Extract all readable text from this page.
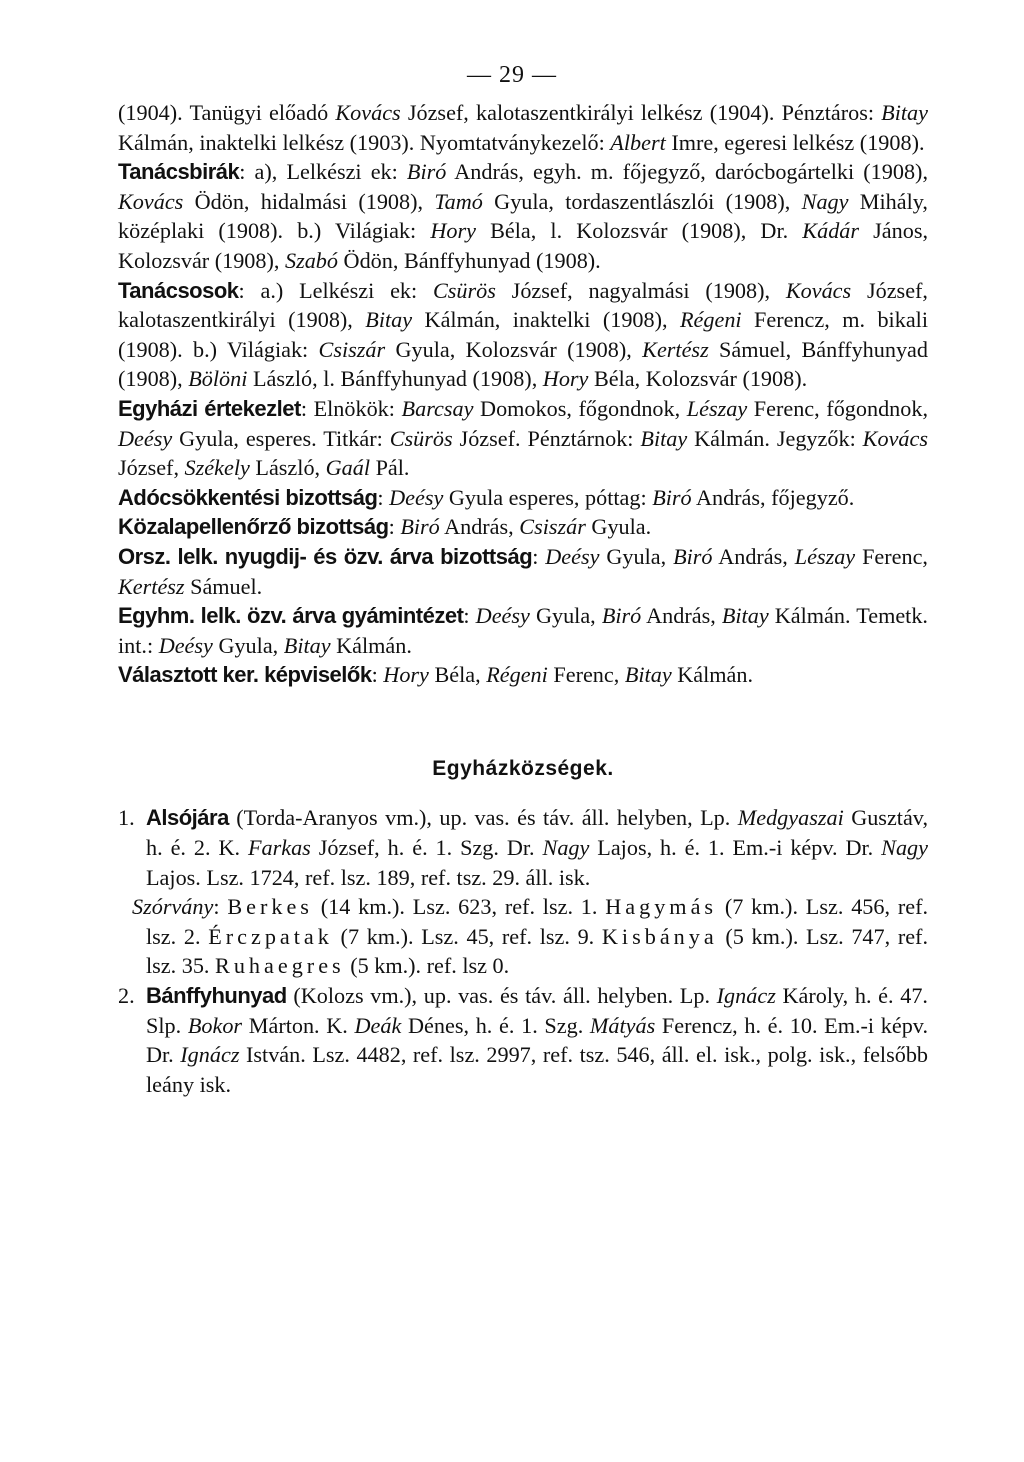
— 29 —

(1904). Tanügyi előadó Kovács József, kalotaszentkirályi lelkész (1904). Pénztáros: Bitay Kálmán, inaktelki lelkész (1903). Nyomtatványkezelő: Albert Imre, egeresi lelkész (1908).

Tanácsbirák: a), Lelkészi ek: Biró András, egyh. m. főjegyző, darócbogártelki (1908), Kovács Ödön, hidalmási (1908), Tamó Gyula, tordaszentlászlói (1908), Nagy Mihály, középlaki (1908). b.) Világiak: Hory Béla, l. Kolozsvár (1908), Dr. Kádár János, Kolozsvár (1908), Szabó Ödön, Bánffyhunyad (1908).

Tanácsosok: a.) Lelkészi ek: Csürös József, nagyalmási (1908), Kovács József, kalotaszentkirályi (1908), Bitay Kálmán, inaktelki (1908), Régeni Ferencz, m. bikali (1908). b.) Világiak: Csiszár Gyula, Kolozsvár (1908), Kertész Sámuel, Bánffyhunyad (1908), Bölöni László, l. Bánffyhunyad (1908), Hory Béla, Kolozsvár (1908).

Egyházi értekezlet: Elnökök: Barcsay Domokos, főgondnok, Lészay Ferenc, főgondnok, Deésy Gyula, esperes. Titkár: Csürös József. Pénztárnok: Bitay Kálmán. Jegyzők: Kovács József, Székely László, Gaál Pál.

Adócsökkentési bizottság: Deésy Gyula esperes, póttag: Biró András, főjegyző.

Közalapellenőrző bizottság: Biró András, Csiszár Gyula.

Orsz. lelk. nyugdij- és özv. árva bizottság: Deésy Gyula, Biró András, Lészay Ferenc, Kertész Sámuel.

Egyhm. lelk. özv. árva gyámintézet: Deésy Gyula, Biró András, Bitay Kálmán. Temetk. int.: Deésy Gyula, Bitay Kálmán.

Választott ker. képviselők: Hory Béla, Régeni Ferenc, Bitay Kálmán.

Egyházközségek.
1. Alsójára (Torda-Aranyos vm.), up. vas. és táv. áll. helyben, Lp. Medgyaszai Gusztáv, h. é. 2. K. Farkas József, h. é. 1. Szg. Dr. Nagy Lajos, h. é. 1. Em.-i képv. Dr. Nagy Lajos. Lsz. 1724, ref. lsz. 189, ref. tsz. 29. áll. isk.

Szórvány: Berkes (14 km.). Lsz. 623, ref. lsz. 1. Hagymás (7 km.). Lsz. 456, ref. lsz. 2. Érczpatak (7 km.). Lsz. 45, ref. lsz. 9. Kisbánya (5 km.). Lsz. 747, ref. lsz. 35. Ruhaegres (5 km.). ref. lsz 0.

2. Bánffyhunyad (Kolozs vm.), up. vas. és táv. áll. helyben. Lp. Ignácz Károly, h. é. 47. Slp. Bokor Márton. K. Deák Dénes, h. é. 1. Szg. Mátyás Ferencz, h. é. 10. Em.-i képv. Dr. Ignácz István. Lsz. 4482, ref. lsz. 2997, ref. tsz. 546, áll. el. isk., polg. isk., felsőbb leány isk.
